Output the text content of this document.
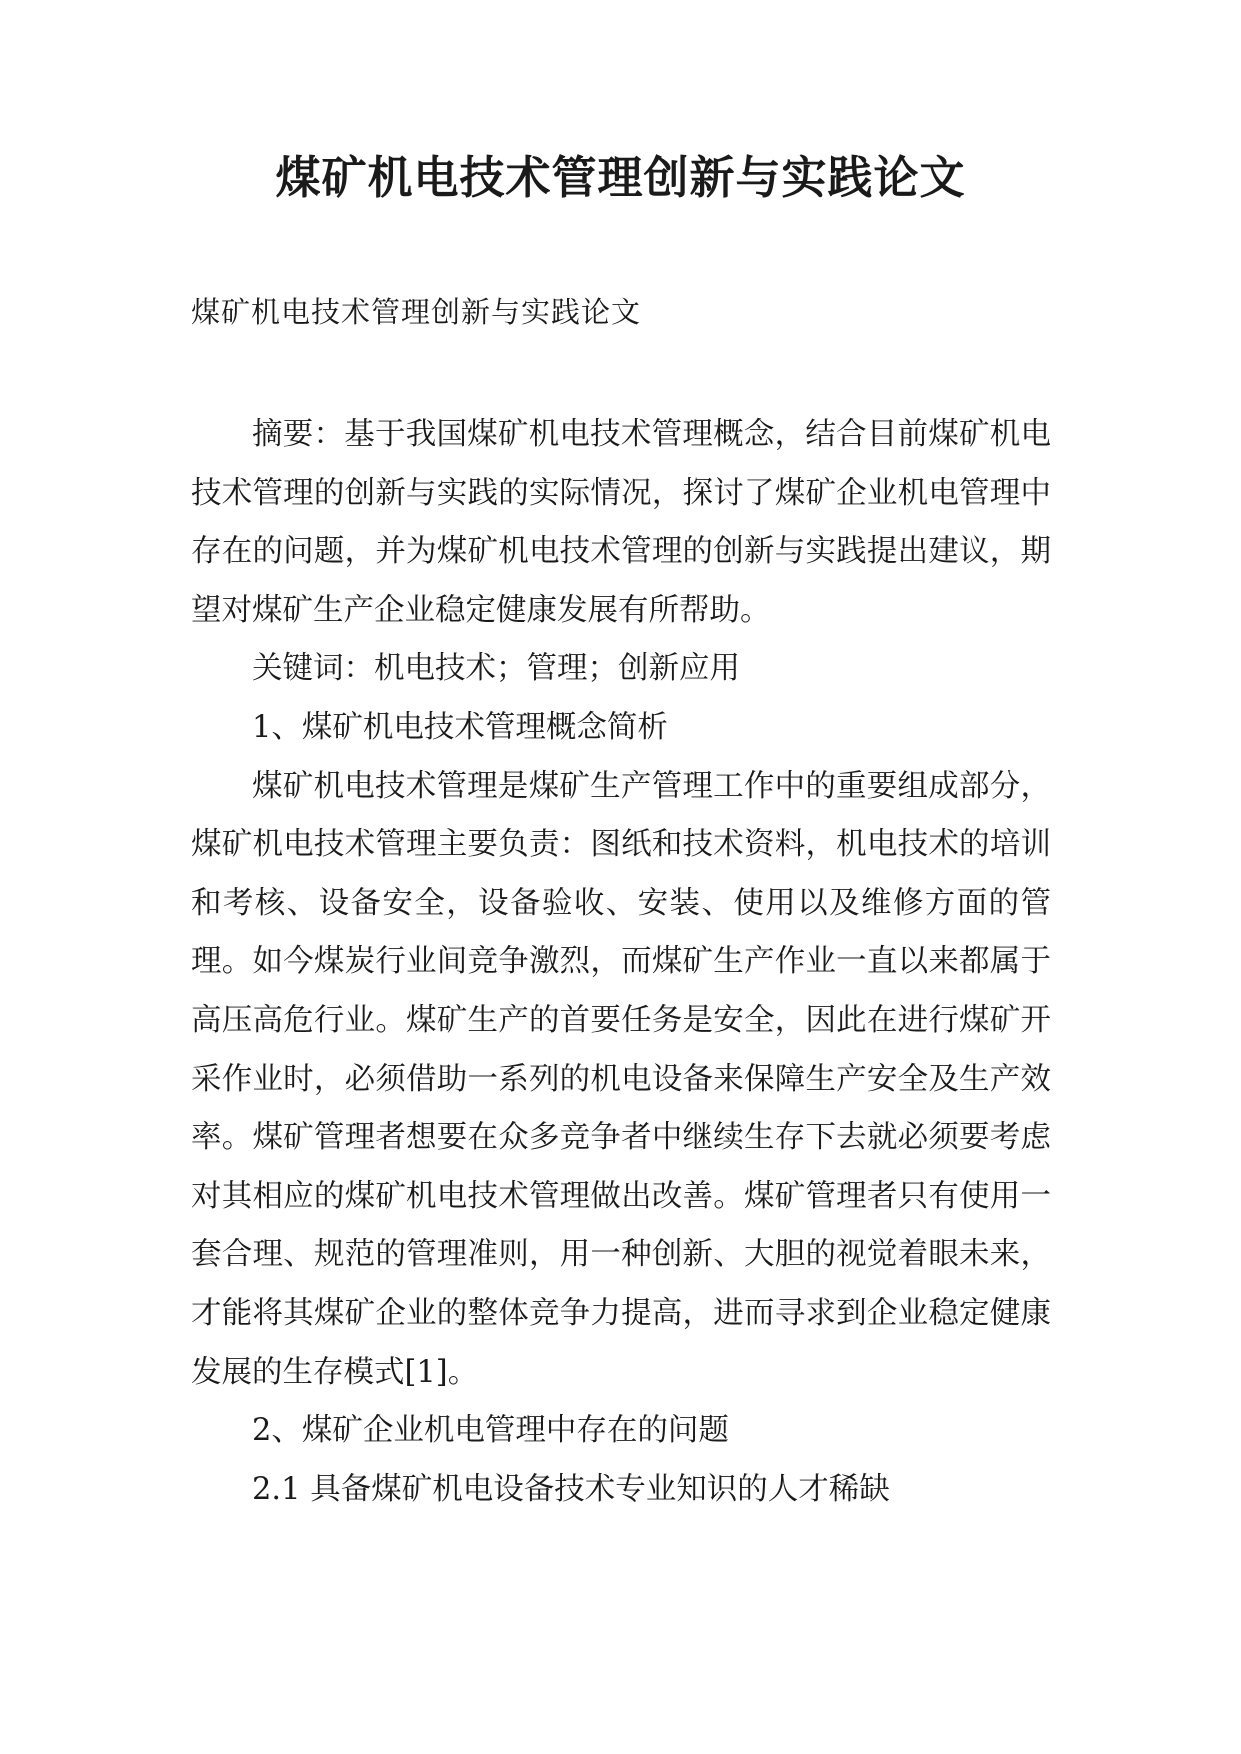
煤矿机电技术管理创新与实践论文
煤矿机电技术管理创新与实践论文

摘要：基于我国煤矿机电技术管理概念，结合目前煤矿机电技术管理的创新与实践的实际情况，探讨了煤矿企业机电管理中存在的问题，并为煤矿机电技术管理的创新与实践提出建议，期望对煤矿生产企业稳定健康发展有所帮助。

关键词：机电技术；管理；创新应用

1、煤矿机电技术管理概念简析

煤矿机电技术管理是煤矿生产管理工作中的重要组成部分，煤矿机电技术管理主要负责：图纸和技术资料，机电技术的培训和考核、设备安全，设备验收、安装、使用以及维修方面的管理。如今煤炭行业间竞争激烈，而煤矿生产作业一直以来都属于高压高危行业。煤矿生产的首要任务是安全，因此在进行煤矿开采作业时，必须借助一系列的机电设备来保障生产安全及生产效率。煤矿管理者想要在众多竞争者中继续生存下去就必须要考虑对其相应的煤矿机电技术管理做出改善。煤矿管理者只有使用一套合理、规范的管理准则，用一种创新、大胆的视觉着眼未来，才能将其煤矿企业的整体竞争力提高，进而寻求到企业稳定健康发展的生存模式[1]。

2、煤矿企业机电管理中存在的问题

2.1 具备煤矿机电设备技术专业知识的人才稀缺
